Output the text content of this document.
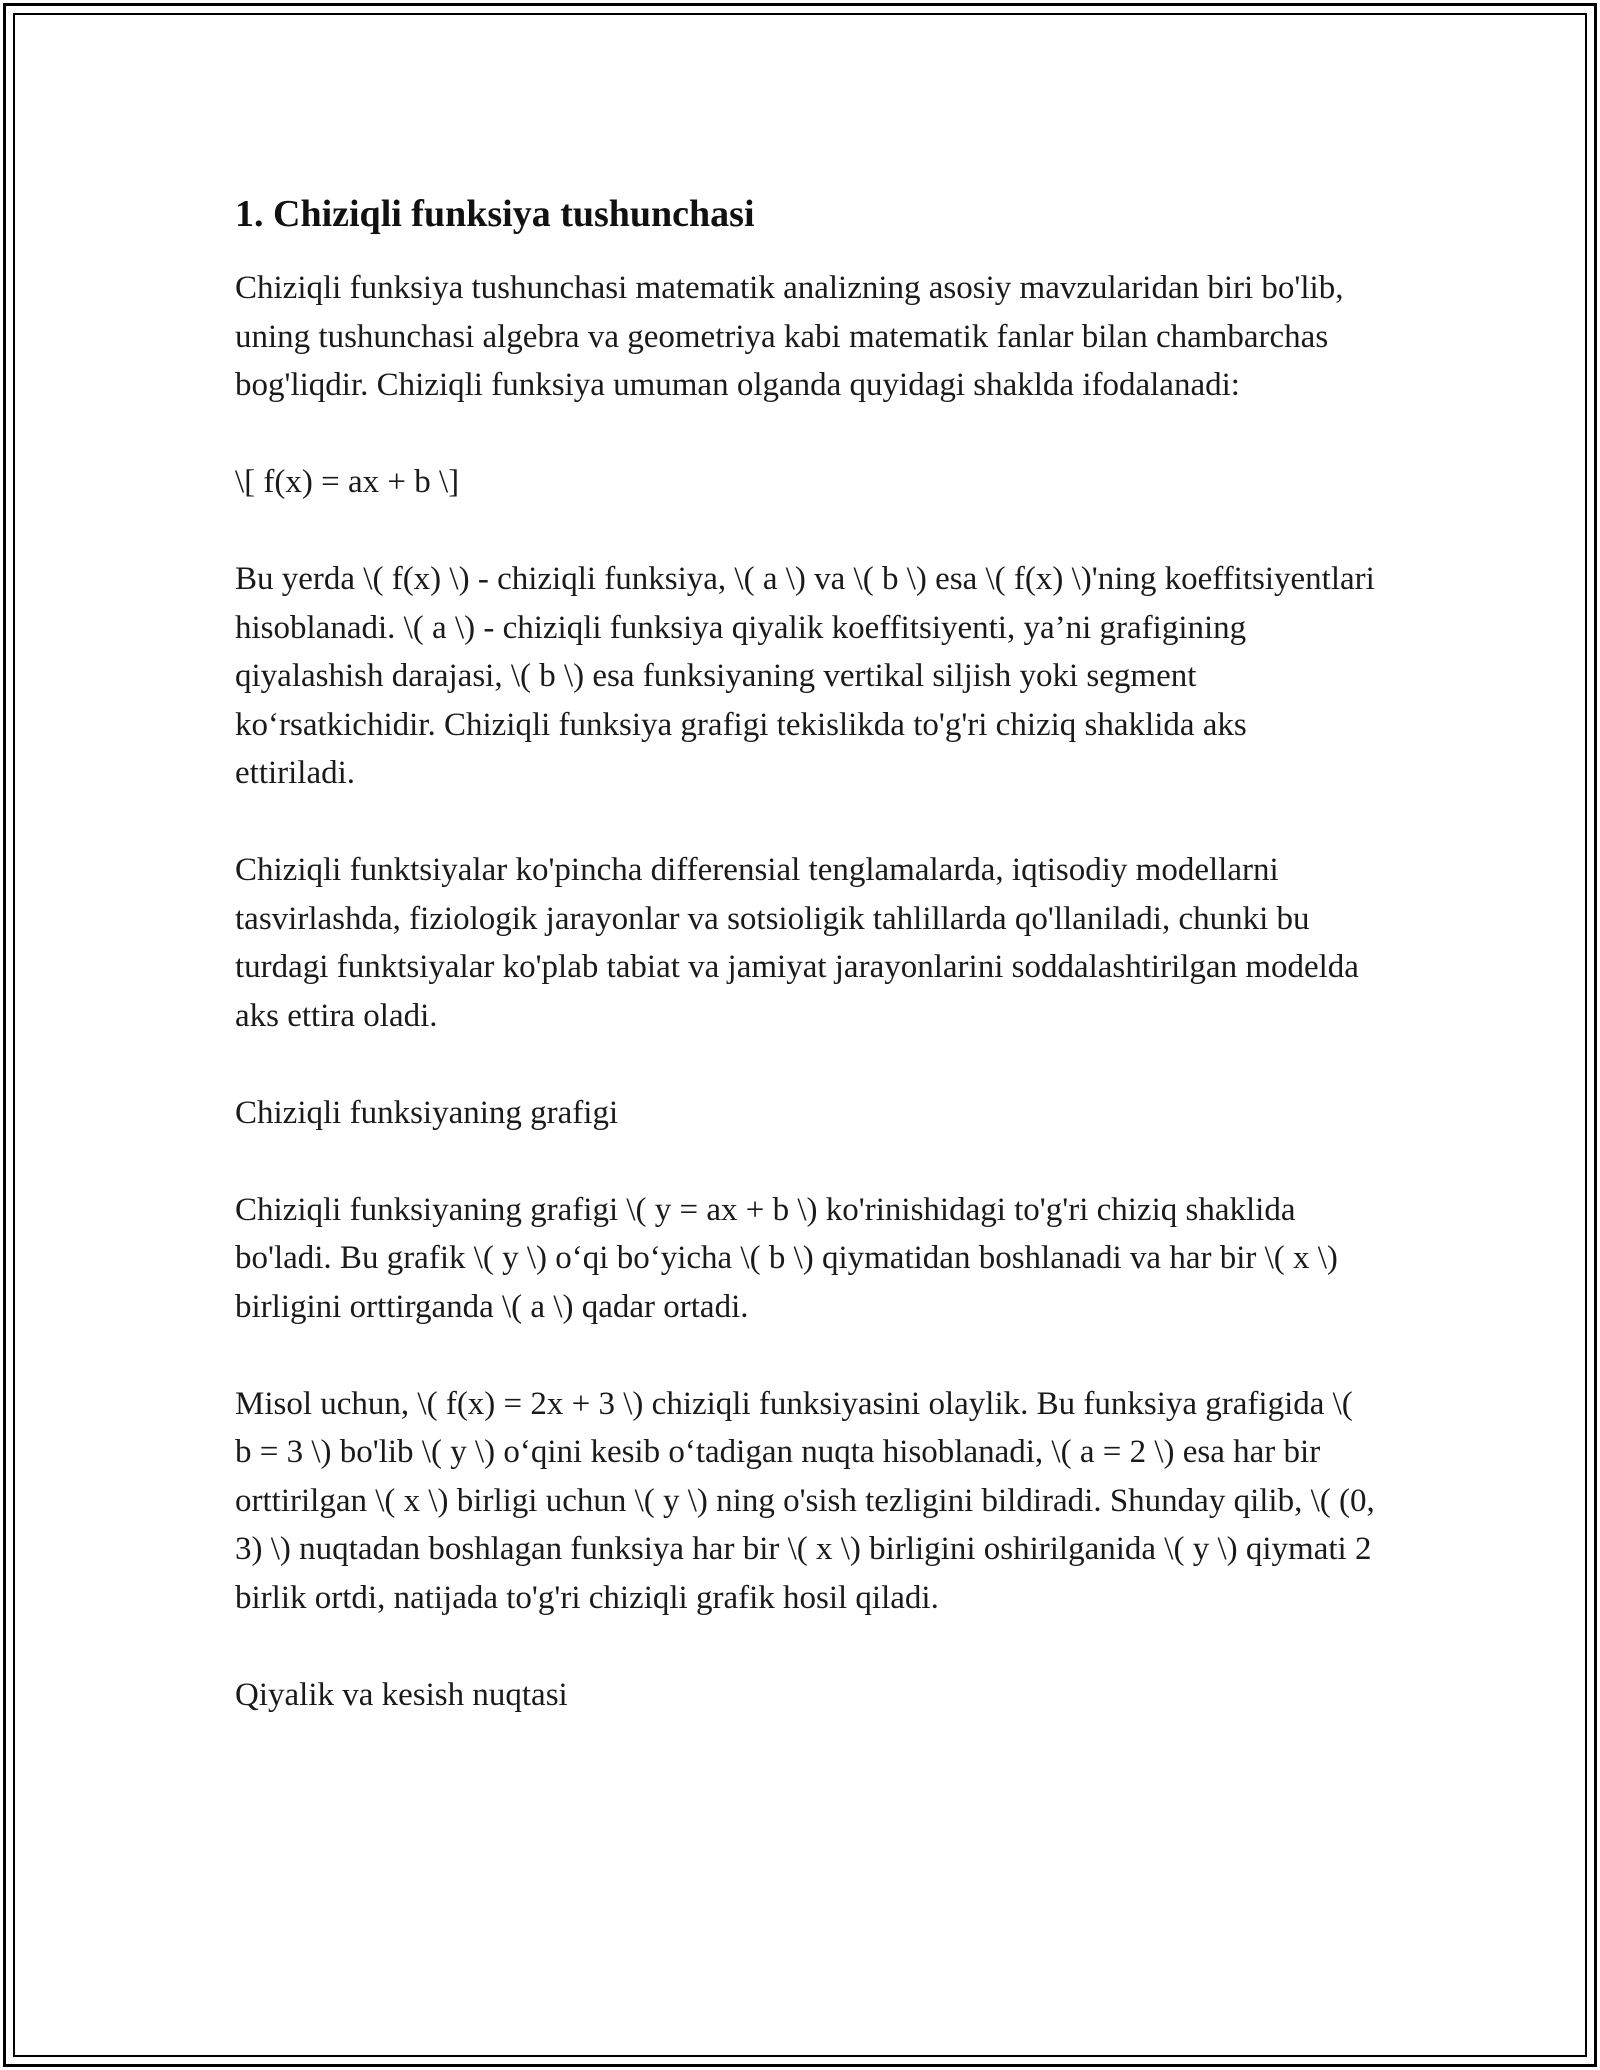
1. Chiziqli funksiya tushunchasi

Chiziqli funksiya tushunchasi matematik analizning asosiy mavzularidan biri bo'lib, uning tushunchasi algebra va geometriya kabi matematik fanlar bilan chambarchas bog'liqdir. Chiziqli funksiya umuman olganda quyidagi shaklda ifodalanadi:

\[ f(x) = ax + b \]

Bu yerda \( f(x) \) - chiziqli funksiya, \( a \) va \( b \) esa \( f(x) \)'ning koeffitsiyentlari hisoblanadi. \( a \) - chiziqli funksiya qiyalik koeffitsiyenti, ya’ni grafigining qiyalashish darajasi, \( b \) esa funksiyaning vertikal siljish yoki segment ko‘rsatkichidir. Chiziqli funksiya grafigi tekislikda to'g'ri chiziq shaklida aks ettiriladi.

Chiziqli funktsiyalar ko'pincha differensial tenglamalarda, iqtisodiy modellarni tasvirlashda, fiziologik jarayonlar va sotsioligik tahlillarda qo'llaniladi, chunki bu turdagi funktsiyalar ko'plab tabiat va jamiyat jarayonlarini soddalashtirilgan modelda aks ettira oladi.

Chiziqli funksiyaning grafigi

Chiziqli funksiyaning grafigi \( y = ax + b \) ko'rinishidagi to'g'ri chiziq shaklida bo'ladi. Bu grafik \( y \) o‘qi bo‘yicha \( b \) qiymatidan boshlanadi va har bir \( x \) birligini orttirganda \( a \) qadar ortadi.

Misol uchun, \( f(x) = 2x + 3 \) chiziqli funksiyasini olaylik. Bu funksiya grafigida \( b = 3 \) bo'lib \( y \) o‘qini kesib o‘tadigan nuqta hisoblanadi, \( a = 2 \) esa har bir orttirilgan \( x \) birligi uchun \( y \) ning o'sish tezligini bildiradi. Shunday qilib, \( (0, 3) \) nuqtadan boshlagan funksiya har bir \( x \) birligini oshirilganida \( y \) qiymati 2 birlik ortdi, natijada to'g'ri chiziqli grafik hosil qiladi.

Qiyalik va kesish nuqtasi
